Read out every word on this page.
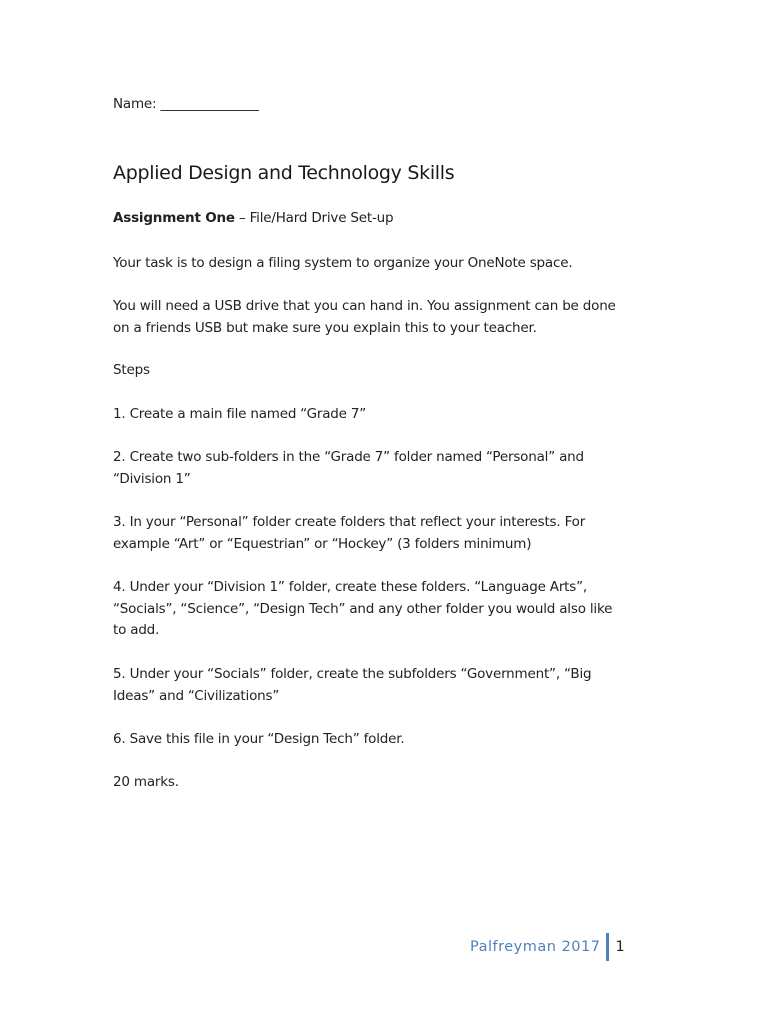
Name: _______________

Applied Design and Technology Skills

Assignment One – File/Hard Drive Set-up

Your task is to design a filing system to organize your OneNote space.

You will need a USB drive that you can hand in. You assignment can be done
on a friends USB but make sure you explain this to your teacher.

Steps

1. Create a main file named “Grade 7”

2. Create two sub-folders in the “Grade 7” folder named “Personal” and
“Division 1”

3. In your “Personal” folder create folders that reflect your interests. For
example “Art” or “Equestrian” or “Hockey” (3 folders minimum)

4. Under your “Division 1” folder, create these folders. “Language Arts”,
“Socials”, “Science”, “Design Tech” and any other folder you would also like
to add.

5. Under your “Socials” folder, create the subfolders “Government”, “Big
Ideas” and “Civilizations”

6. Save this file in your “Design Tech” folder.

20 marks.

Palfreyman 2017 1
